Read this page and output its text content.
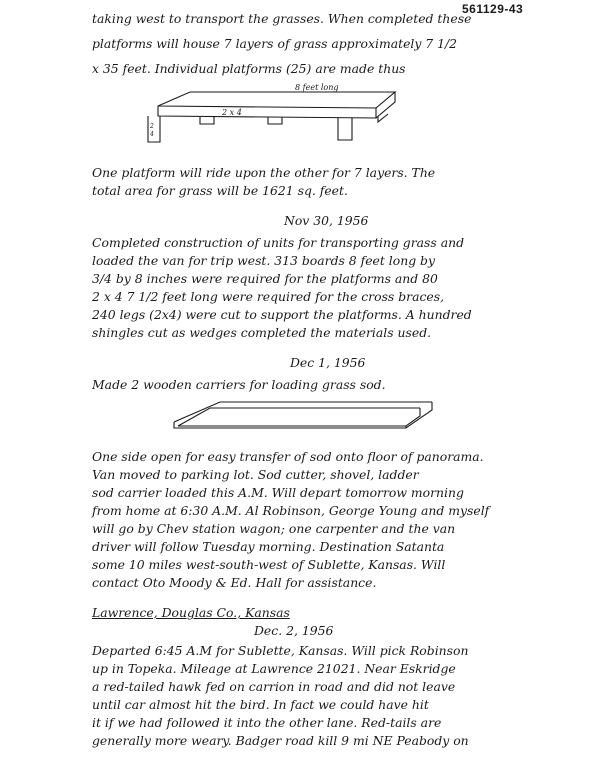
561129-43
taking west to transport the grasses. When completed these
platforms will house 7 layers of grass approximately 7 1/2
x 35 feet. Individual platforms (25) are made thus
8 feet long
2
4
2 x 4
One platform will ride upon the other for 7 layers. The
total area for grass will be 1621 sq. feet.
Nov 30, 1956
Completed construction of units for transporting grass and
loaded the van for trip west. 313 boards 8 feet long by
3/4 by 8 inches were required for the platforms and 80
2 x 4 7 1/2 feet long were required for the cross braces,
240 legs (2x4) were cut to support the platforms. A hundred
shingles cut as wedges completed the materials used.
Dec 1, 1956
Made 2 wooden carriers for loading grass sod.
One side open for easy transfer of sod onto floor of panorama.
Van moved to parking lot. Sod cutter, shovel, ladder
sod carrier loaded this A.M. Will depart tomorrow morning
from home at 6:30 A.M. Al Robinson, George Young and myself
will go by Chev station wagon; one carpenter and the van
driver will follow Tuesday morning. Destination Satanta
some 10 miles west-south-west of Sublette, Kansas. Will
contact Oto Moody & Ed. Hall for assistance.
Lawrence, Douglas Co., Kansas
Dec. 2, 1956
Departed 6:45 A.M for Sublette, Kansas. Will pick Robinson
up in Topeka. Mileage at Lawrence 21021. Near Eskridge
a red-tailed hawk fed on carrion in road and did not leave
until car almost hit the bird. In fact we could have hit
it if we had followed it into the other lane. Red-tails are
generally more weary. Badger road kill 9 mi NE Peabody on
